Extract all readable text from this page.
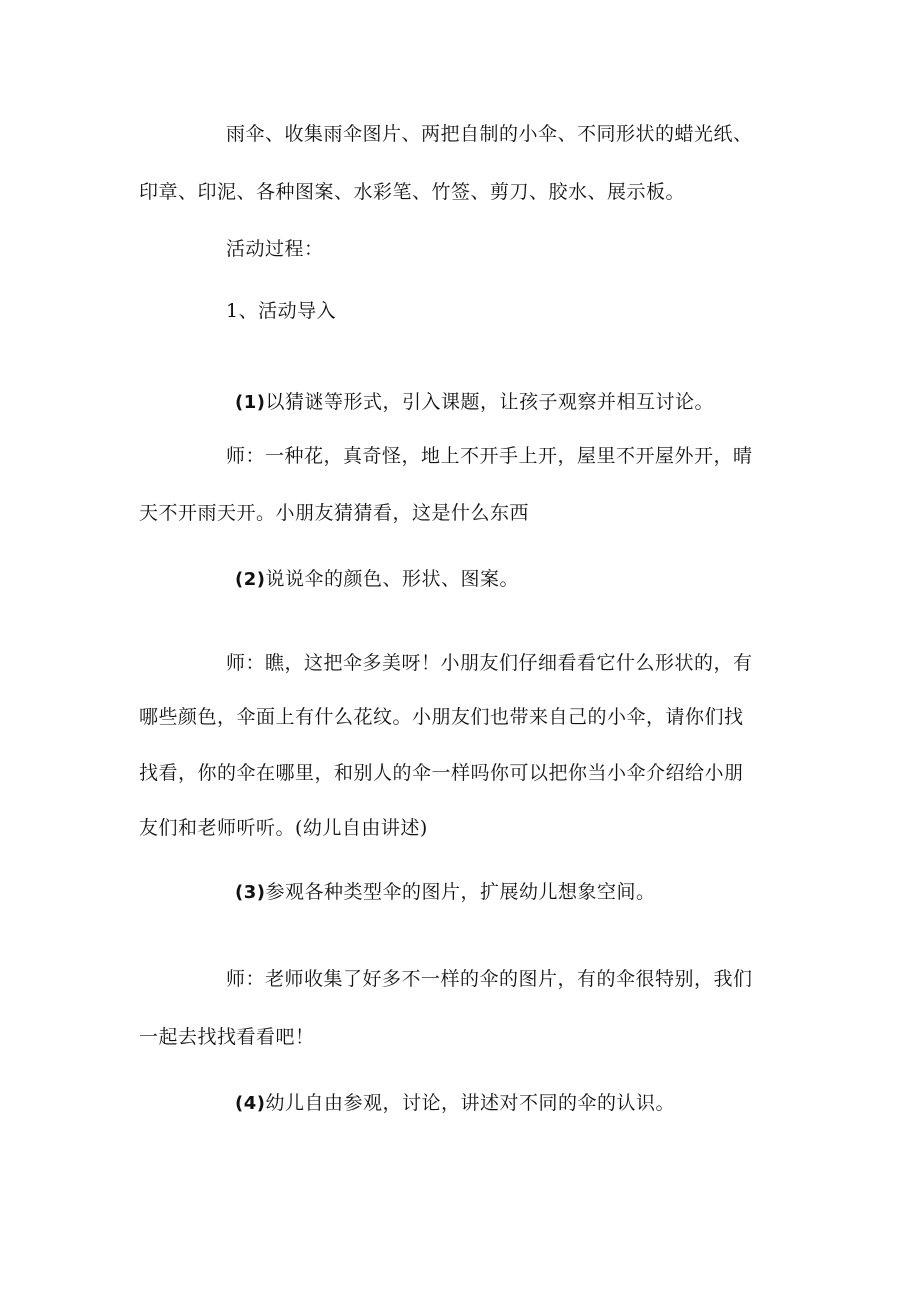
雨伞、收集雨伞图片、两把自制的小伞、不同形状的蜡光纸、
印章、印泥、各种图案、水彩笔、竹签、剪刀、胶水、展示板。
活动过程：
1、活动导入
(1)以猜谜等形式，引入课题，让孩子观察并相互讨论。
师：一种花，真奇怪，地上不开手上开，屋里不开屋外开，晴
天不开雨天开。小朋友猜猜看，这是什么东西
(2)说说伞的颜色、形状、图案。
师：瞧，这把伞多美呀！小朋友们仔细看看它什么形状的，有
哪些颜色，伞面上有什么花纹。小朋友们也带来自己的小伞，请你们找
找看，你的伞在哪里，和别人的伞一样吗你可以把你当小伞介绍给小朋
友们和老师听听。(幼儿自由讲述)
(3)参观各种类型伞的图片，扩展幼儿想象空间。
师：老师收集了好多不一样的伞的图片，有的伞很特别，我们
一起去找找看看吧！
(4)幼儿自由参观，讨论，讲述对不同的伞的认识。
